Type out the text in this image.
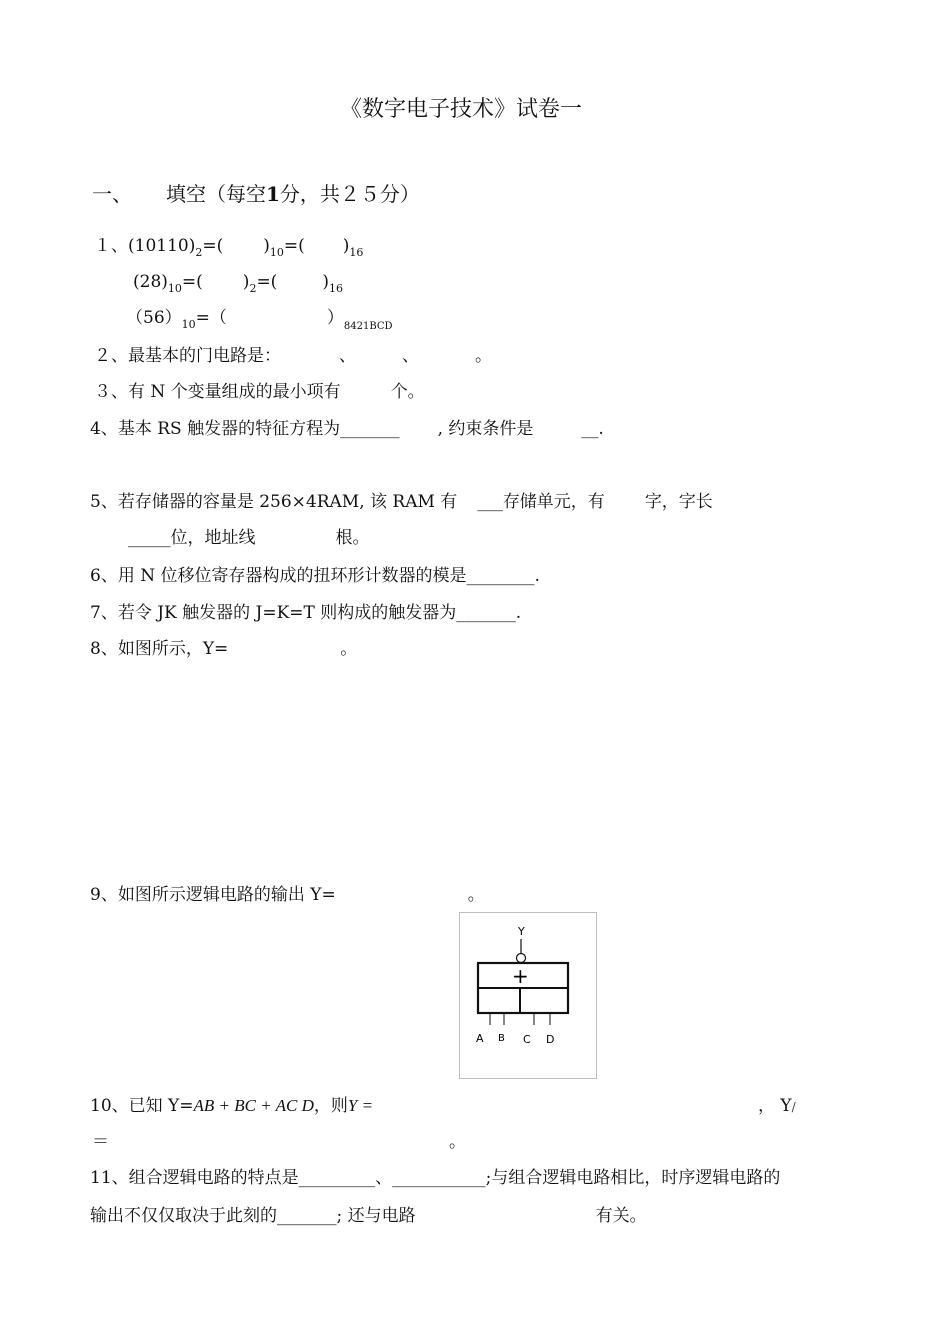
《数字电子技术》试卷一
一、 填空（每空1分，共２５分）
１、$(10110)_2=$( )$_{10}=$( )$_{16}$
$(28)_{10}=$( )$_2=$(	)$_{16}$
$(56)_{10}=$（	）$_{8421BCD}$
２、最基本的门电路是：	、	、	。
３、有 N 个变量组成的最小项有	个。
4、基本 RS 触发器的特征方程为_______ , 约束条件是	__.
5、若存储器的容量是 256×4RAM, 该 RAM 有 ___存储单元，有 字，字长
_____位，地址线	根。
6、用 N 位移位寄存器构成的扭环形计数器的模是________.
7、若令 JK 触发器的 J=K=T 则构成的触发器为_______.
8、如图所示，Y=	。
9、如图所示逻辑电路的输出 Y=	。
Y
+
A B C D
10、已知 Y=AB + BC + AC D，则Y =	， Y/
＝	。
11、组合逻辑电路的特点是_________、___________;与组合逻辑电路相比，时序逻辑电路的
输出不仅仅取决于此刻的_______; 还与电路	有关。
